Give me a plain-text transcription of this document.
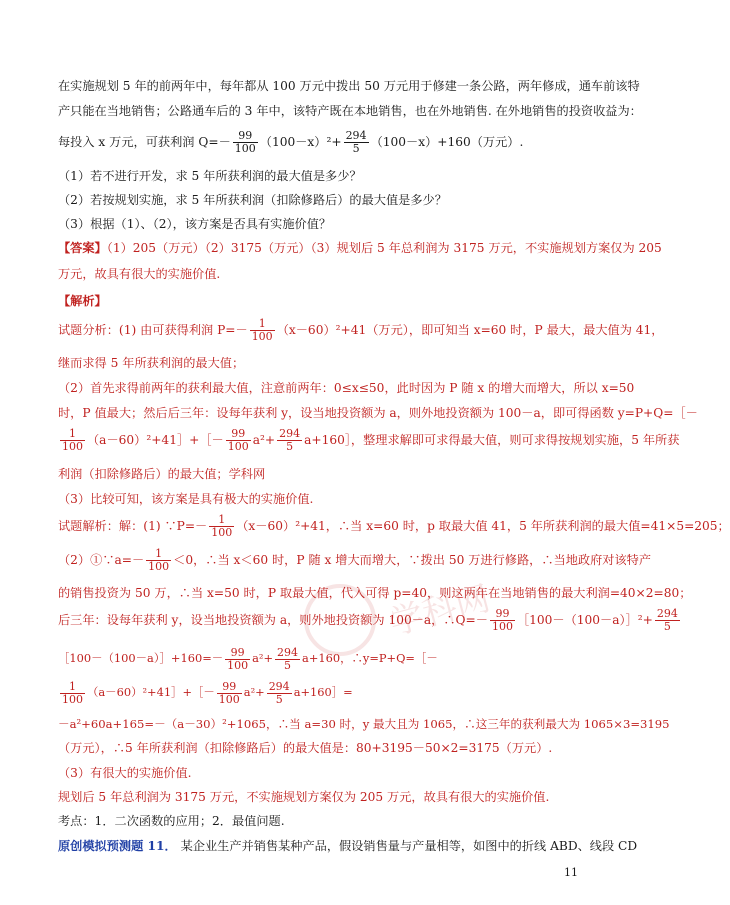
学科网
在实施规划 5 年的前两年中，每年都从 100 万元中拨出 50 万元用于修建一条公路，两年修成，通车前该特
产只能在当地销售；公路通车后的 3 年中，该特产既在本地销售，也在外地销售. 在外地销售的投资收益为：
每投入 x 万元，可获利润 $Q=- \frac{99}{100} (100-x)^2+ \frac{294}{5} (100-x)+160$（万元）.
（1）若不进行开发，求 5 年所获利润的最大值是多少？
（2）若按规划实施，求 5 年所获利润（扣除修路后）的最大值是多少？
（3）根据（1）、（2），该方案是否具有实施价值？
【答案】（1）205（万元）（2）3175（万元）（3）规划后 5 年总利润为 3175 万元，不实施规划方案仅为 205
万元，故具有很大的实施价值.
【解析】
试题分析：(1) 由可获得利润 $P=- \frac{1}{100} (x-60)^2+41$（万元），即可知当 x=60 时，P 最大，最大值为 41，
继而求得 5 年所获利润的最大值；
（2）首先求得前两年的获利最大值，注意前两年：0≤x≤50，此时因为 P 随 x 的增大而增大，所以 x=50
时，P 值最大；然后后三年：设每年获利 y，设当地投资额为 a，则外地投资额为 100－a，即可得函数 y=P+Q=［－
$\frac{1}{100}$ （a－60）²+41］+［－ $\frac{99}{100} a^2+ \frac{294}{5}$ a+160］，整理求解即可求得最大值，则可求得按规划实施，5 年所获
利润（扣除修路后）的最大值；学科网
（3）比较可知，该方案是具有极大的实施价值.
试题解析：解：(1) ∵P=－ $\frac{1}{100} (x-60)^2+41$，∴当 x=60 时，p 取最大值 41，5 年所获利润的最大值=41×5=205；
（2）①∵a=－ $\frac{1}{100} <0$，∴当 x＜60 时，P 随 x 增大而增大，∵拨出 50 万进行修路，∴当地政府对该特产
的销售投资为 50 万，∴当 x=50 时，P 取最大值，代入可得 p=40，则这两年在当地销售的最大利润=40×2=80；
后三年：设每年获利 y，设当地投资额为 a，则外地投资额为 100－a，∴Q=－ $\frac{99}{100}$ ［100－（100－a）］²+ $\frac{294}{5}$
［100－（100－a）］+160=－ $\frac{99}{100} a^2+ \frac{294}{5} a+160$，∴y=P+Q=［－
$\frac{1}{100}$ （a－60）²+41］+［－ $\frac{99}{100} a^2+ \frac{294}{5}$ a+160］=
－a²+60a+165=－（a－30）²+1065，∴当 a=30 时，y 最大且为 1065，∴这三年的获利最大为 1065×3=3195
（万元），∴5 年所获利润（扣除修路后）的最大值是：80+3195－50×2=3175（万元）.
（3）有很大的实施价值.
规划后 5 年总利润为 3175 万元，不实施规划方案仅为 205 万元，故具有很大的实施价值.
考点：1．二次函数的应用；2．最值问题.
原创模拟预测题 11． 某企业生产并销售某种产品，假设销售量与产量相等，如图中的折线 ABD、线段 CD
11
